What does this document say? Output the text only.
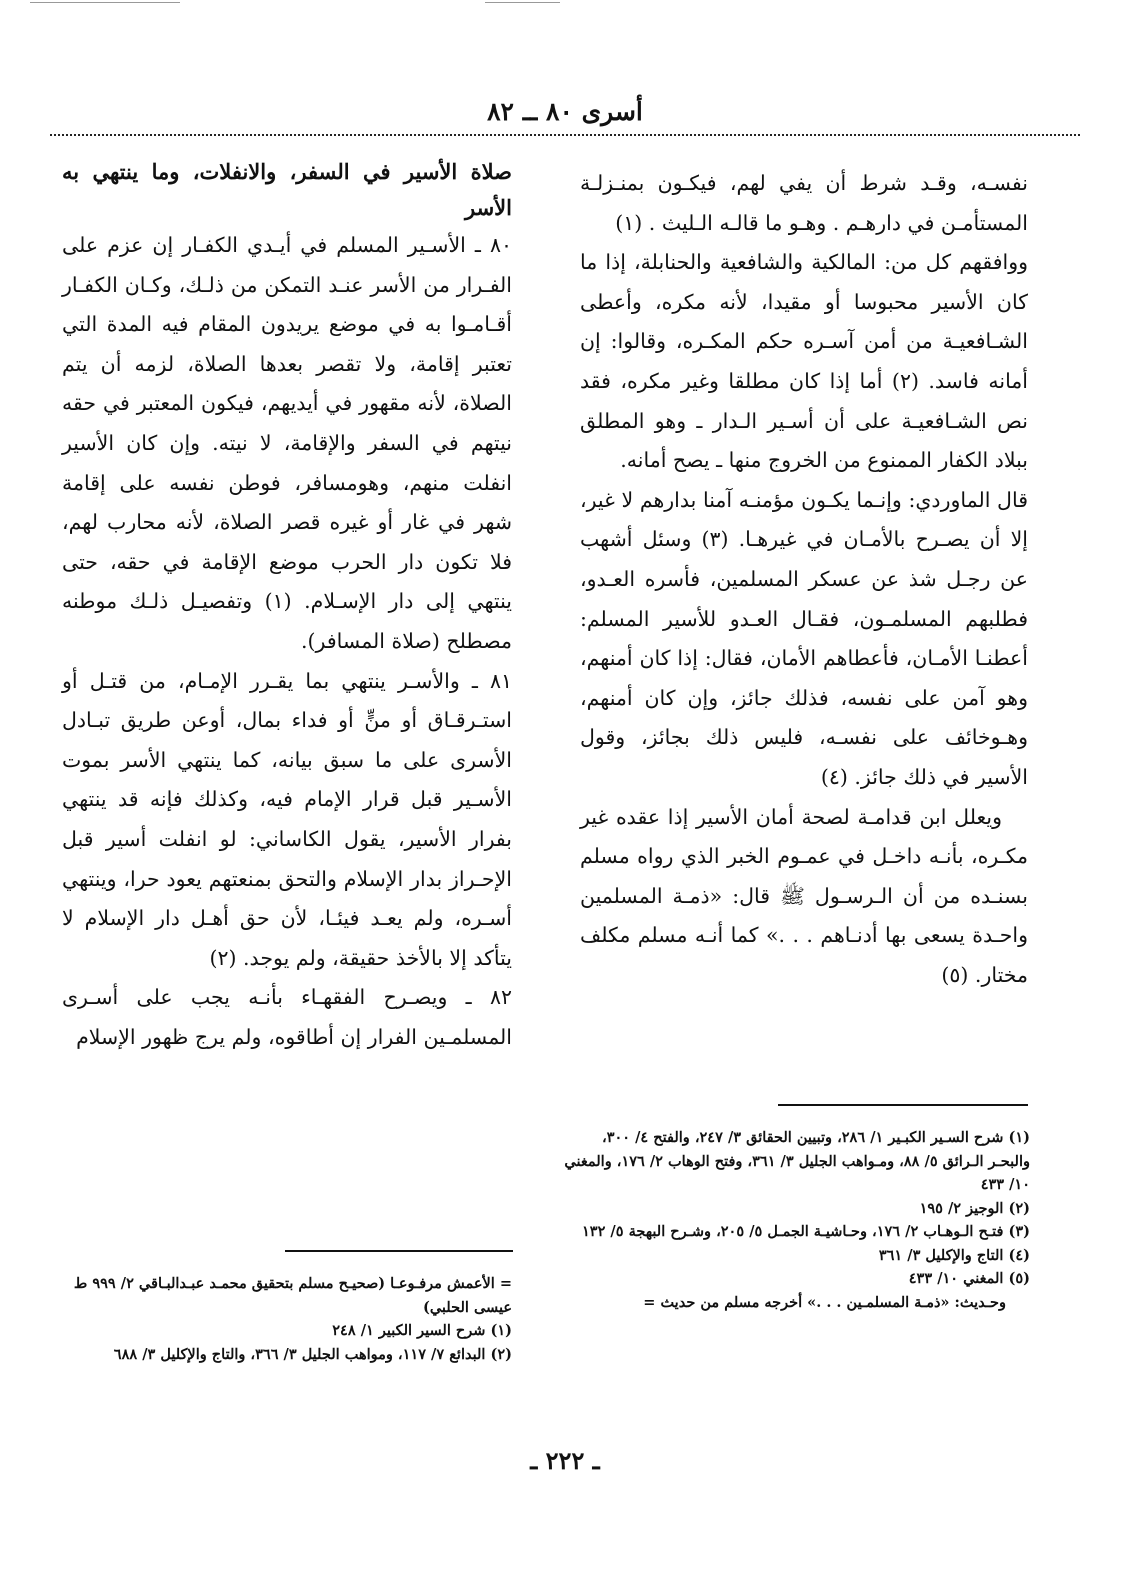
أسرى ٨٠ ــ ٨٢

نفسـه، وقـد شرط أن يفي لهم، فيكـون بمنـزلـة المستأمـن في دارهـم . وهـو ما قالـه الـليث . (١)

ووافقهم كل من: المالكية والشافعية والحنابلة، إذا ما كان الأسير محبوسا أو مقيدا، لأنه مكره، وأعطى الشـافعيـة من أمن آسـره حكم المكـره، وقالوا: إن أمانه فاسد. (٢) أما إذا كان مطلقا وغير مكره، فقد نص الشـافعيـة على أن أسـير الـدار ـ وهو المطلق ببلاد الكفار الممنوع من الخروج منها ـ يصح أمانه.

قال الماوردي: وإنـما يكـون مؤمنـه آمنا بدارهم لا غير، إلا أن يصـرح بالأمـان في غيرهـا. (٣) وسئل أشهب عن رجـل شذ عن عسكر المسلمين، فأسره العـدو، فطلبهم المسلمـون، فقـال العـدو للأسير المسلم: أعطنـا الأمـان، فأعطاهم الأمان، فقال: إذا كان أمنهم، وهو آمن على نفسه، فذلك جائز، وإن كان أمنهم، وهـوخائف على نفسـه، فليس ذلك بجائز، وقول الأسير في ذلك جائز. (٤)

ويعلل ابن قدامـة لصحة أمان الأسير إذا عقده غير مكـره، بأنـه داخـل في عمـوم الخبر الذي رواه مسلم بسنـده من أن الـرسـول ﷺ قال: «ذمـة المسلمين واحـدة يسعى بها أدنـاهم . . .» كما أنـه مسلم مكلف مختار. (٥)

صلاة الأسير في السفر، والانفلات، وما ينتهي به الأسر

٨٠ ـ الأسـير المسلم في أيـدي الكفـار إن عزم على الفـرار من الأسر عنـد التمكن من ذلـك، وكـان الكفـار أقـامـوا به في موضع يريدون المقام فيه المدة التي تعتبر إقامة، ولا تقصر بعدها الصلاة، لزمه أن يتم الصلاة، لأنه مقهور في أيديهم، فيكون المعتبر في حقه نيتهم في السفر والإقامة، لا نيته. وإن كان الأسير انفلت منهم، وهومسافر، فوطن نفسه على إقامة شهر في غار أو غيره قصر الصلاة، لأنه محارب لهم، فلا تكون دار الحرب موضع الإقامة في حقه، حتى ينتهي إلى دار الإسـلام. (١) وتفصيـل ذلـك موطنه مصطلح (صلاة المسافر).

٨١ ـ والأسـر ينتهي بما يقـرر الإمـام، من قتـل أو استـرقـاق أو منٍّ أو فداء بمال، أوعن طريق تبـادل الأسرى على ما سبق بيانه، كما ينتهي الأسر بموت الأسـير قبل قرار الإمام فيه، وكذلك فإنه قد ينتهي بفرار الأسير، يقول الكاساني: لو انفلت أسير قبل الإحـراز بدار الإسلام والتحق بمنعتهم يعود حرا، وينتهي أسـره، ولم يعـد فيئـا، لأن حق أهـل دار الإسلام لا يتأكد إلا بالأخذ حقيقة، ولم يوجد. (٢)

٨٢ ـ ويصـرح الفقهـاء بأنـه يجب على أسـرى المسلمـين الفرار إن أطاقوه، ولم يرج ظهور الإسلام

(١) شرح السـير الكبـير ١/ ٢٨٦، وتبيين الحقائق ٣/ ٢٤٧، والفتح ٤/ ٣٠٠، والبحـر الـرائق ٥/ ٨٨، ومـواهب الجليل ٣/ ٣٦١، وفتح الوهاب ٢/ ١٧٦، والمغني ١٠/ ٤٣٣

(٢) الوجيز ٢/ ١٩٥

(٣) فتـح الـوهـاب ٢/ ١٧٦، وحـاشيـة الجمـل ٥/ ٢٠٥، وشـرح البهجة ٥/ ١٣٢

(٤) التاج والإكليل ٣/ ٣٦١

(٥) المغني ١٠/ ٤٣٣

وحـديث: «ذمـة المسلمـين . . .» أخرجه مسلم من حديث =

= الأعمش مرفـوعـا (صحيـح مسلم بتحقيق محمـد عبـدالبـاقي ٢/ ٩٩٩ ط عيسى الحلبي)

(١) شرح السير الكبير ١/ ٢٤٨

(٢) البدائع ٧/ ١١٧، ومواهب الجليل ٣/ ٣٦٦، والتاج والإكليل ٣/ ٦٨٨

ـ ٢٢٢ ـ
